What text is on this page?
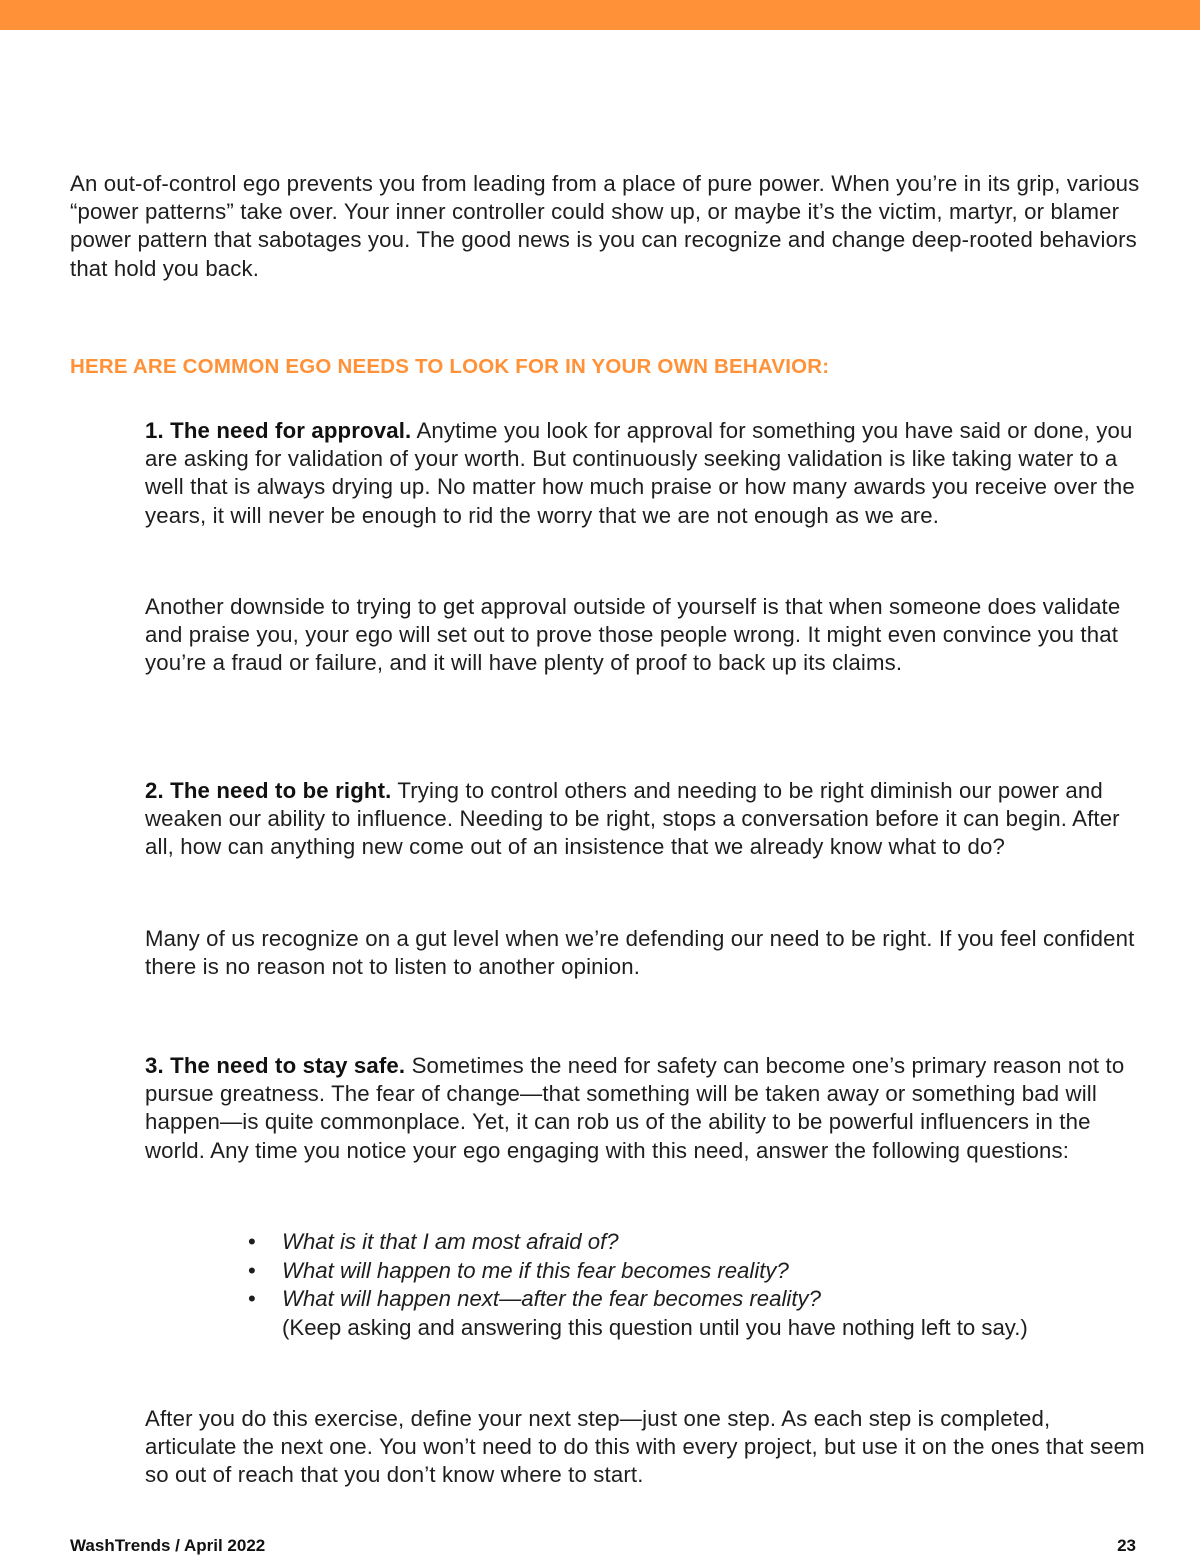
An out-of-control ego prevents you from leading from a place of pure power. When you’re in its grip, various “power patterns” take over. Your inner controller could show up, or maybe it’s the victim, martyr, or blamer power pattern that sabotages you. The good news is you can recognize and change deep-rooted behaviors that hold you back.

HERE ARE COMMON EGO NEEDS TO LOOK FOR IN YOUR OWN BEHAVIOR:

1. The need for approval. Anytime you look for approval for something you have said or done, you are asking for validation of your worth. But continuously seeking validation is like taking water to a well that is always drying up. No matter how much praise or how many awards you receive over the years, it will never be enough to rid the worry that we are not enough as we are.

Another downside to trying to get approval outside of yourself is that when someone does validate and praise you, your ego will set out to prove those people wrong. It might even convince you that you’re a fraud or failure, and it will have plenty of proof to back up its claims.

2. The need to be right. Trying to control others and needing to be right diminish our power and weaken our ability to influence. Needing to be right, stops a conversation before it can begin. After all, how can anything new come out of an insistence that we already know what to do?

Many of us recognize on a gut level when we’re defending our need to be right. If you feel confident there is no reason not to listen to another opinion.

3. The need to stay safe. Sometimes the need for safety can become one’s primary reason not to pursue greatness. The fear of change—that something will be taken away or something bad will happen—is quite commonplace. Yet, it can rob us of the ability to be powerful influencers in the world. Any time you notice your ego engaging with this need, answer the following questions:

• What is it that I am most afraid of?
• What will happen to me if this fear becomes reality?
• What will happen next—after the fear becomes reality?
(Keep asking and answering this question until you have nothing left to say.)

After you do this exercise, define your next step—just one step. As each step is completed, articulate the next one. You won’t need to do this with every project, but use it on the ones that seem so out of reach that you don’t know where to start.

WashTrends / April 2022	23
